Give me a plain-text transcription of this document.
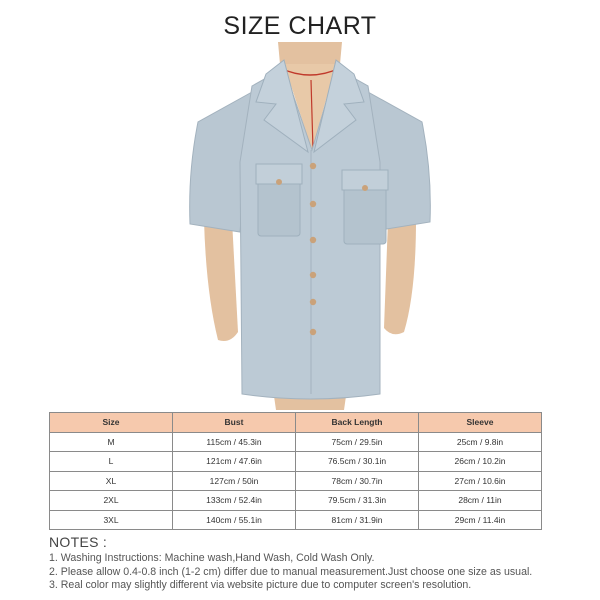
SIZE CHART
Size	Bust	Back Length	Sleeve
M	115cm / 45.3in	75cm / 29.5in	25cm / 9.8in
L	121cm / 47.6in	76.5cm / 30.1in	26cm / 10.2in
XL	127cm / 50in	78cm / 30.7in	27cm / 10.6in
2XL	133cm / 52.4in	79.5cm / 31.3in	28cm / 11in
3XL	140cm / 55.1in	81cm / 31.9in	29cm / 11.4in
NOTES :
1. Washing Instructions: Machine wash,Hand Wash, Cold Wash Only.
2. Please allow 0.4-0.8 inch (1-2 cm) differ due to manual measurement.Just choose one size as usual.
3. Real color may slightly different via website picture due to computer screen's resolution.
